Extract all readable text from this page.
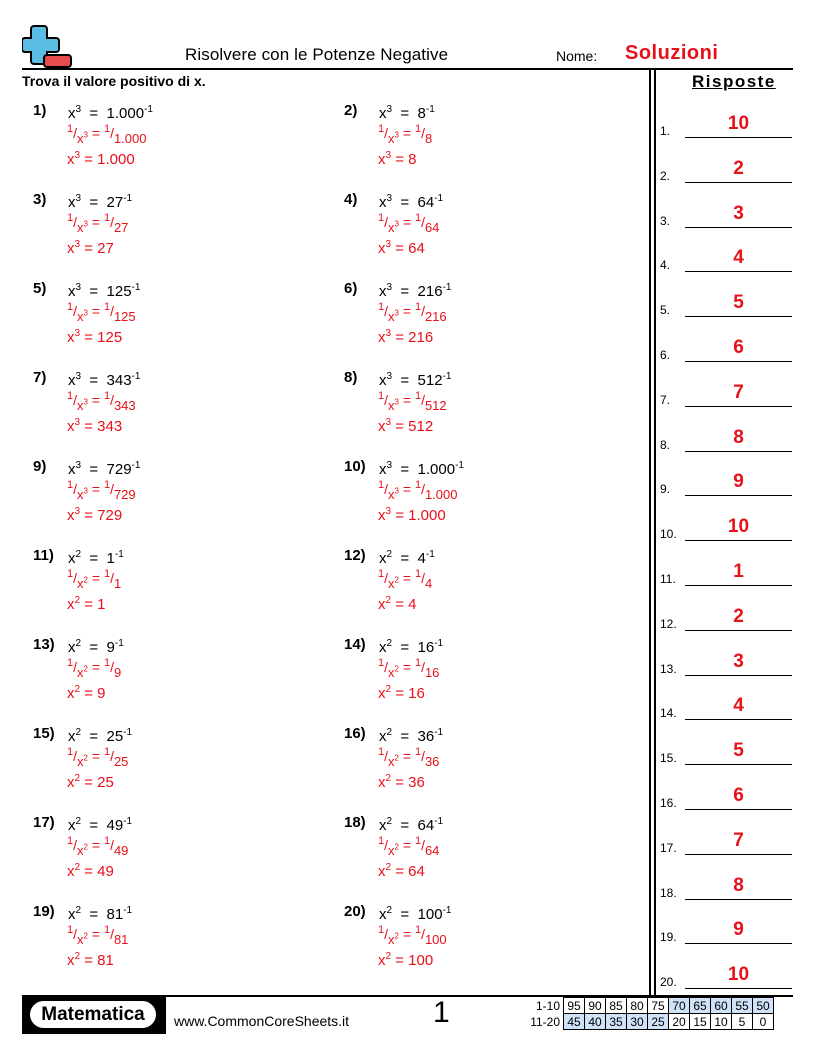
Risolvere con le Potenze Negative	Nome: Soluzioni
Trova il valore positivo di x.	Risposte
1) $x^3 = 1.000^{-1}$
$^1/x^3 = ^1/1.000$
$x^3 = 1.000$
2) $x^3 = 8^{-1}$
$^1/x^3 = ^1/8$
$x^3 = 8$
3) $x^3 = 27^{-1}$
$^1/x^3 = ^1/27$
$x^3 = 27$
4) $x^3 = 64^{-1}$
$^1/x^3 = ^1/64$
$x^3 = 64$
5) $x^3 = 125^{-1}$
$^1/x^3 = ^1/125$
$x^3 = 125$
6) $x^3 = 216^{-1}$
$^1/x^3 = ^1/216$
$x^3 = 216$
7) $x^3 = 343^{-1}$
$^1/x^3 = ^1/343$
$x^3 = 343$
8) $x^3 = 512^{-1}$
$^1/x^3 = ^1/512$
$x^3 = 512$
9) $x^3 = 729^{-1}$
$^1/x^3 = ^1/729$
$x^3 = 729$
10) $x^3 = 1.000^{-1}$
$^1/x^3 = ^1/1.000$
$x^3 = 1.000$
11) $x^2 = 1^{-1}$
$^1/x^2 = ^1/1$
$x^2 = 1$
12) $x^2 = 4^{-1}$
$^1/x^2 = ^1/4$
$x^2 = 4$
13) $x^2 = 9^{-1}$
$^1/x^2 = ^1/9$
$x^2 = 9$
14) $x^2 = 16^{-1}$
$^1/x^2 = ^1/16$
$x^2 = 16$
15) $x^2 = 25^{-1}$
$^1/x^2 = ^1/25$
$x^2 = 25$
16) $x^2 = 36^{-1}$
$^1/x^2 = ^1/36$
$x^2 = 36$
17) $x^2 = 49^{-1}$
$^1/x^2 = ^1/49$
$x^2 = 49$
18) $x^2 = 64^{-1}$
$^1/x^2 = ^1/64$
$x^2 = 64$
19) $x^2 = 81^{-1}$
$^1/x^2 = ^1/81$
$x^2 = 81$
20) $x^2 = 100^{-1}$
$^1/x^2 = ^1/100$
$x^2 = 100$
1.	10
2.	2
3.	3
4.	4
5.	5
6.	6
7.	7
8.	8
9.	9
10.	10
11.	1
12.	2
13.	3
14.	4
15.	5
16.	6
17.	7
18.	8
19.	9
20.	10
Matematica	www.CommonCoreSheets.it	1	1-10	95	90	85	80	75	70	65	60	55	50
11-20	45	40	35	30	25	20	15	10	5	0
